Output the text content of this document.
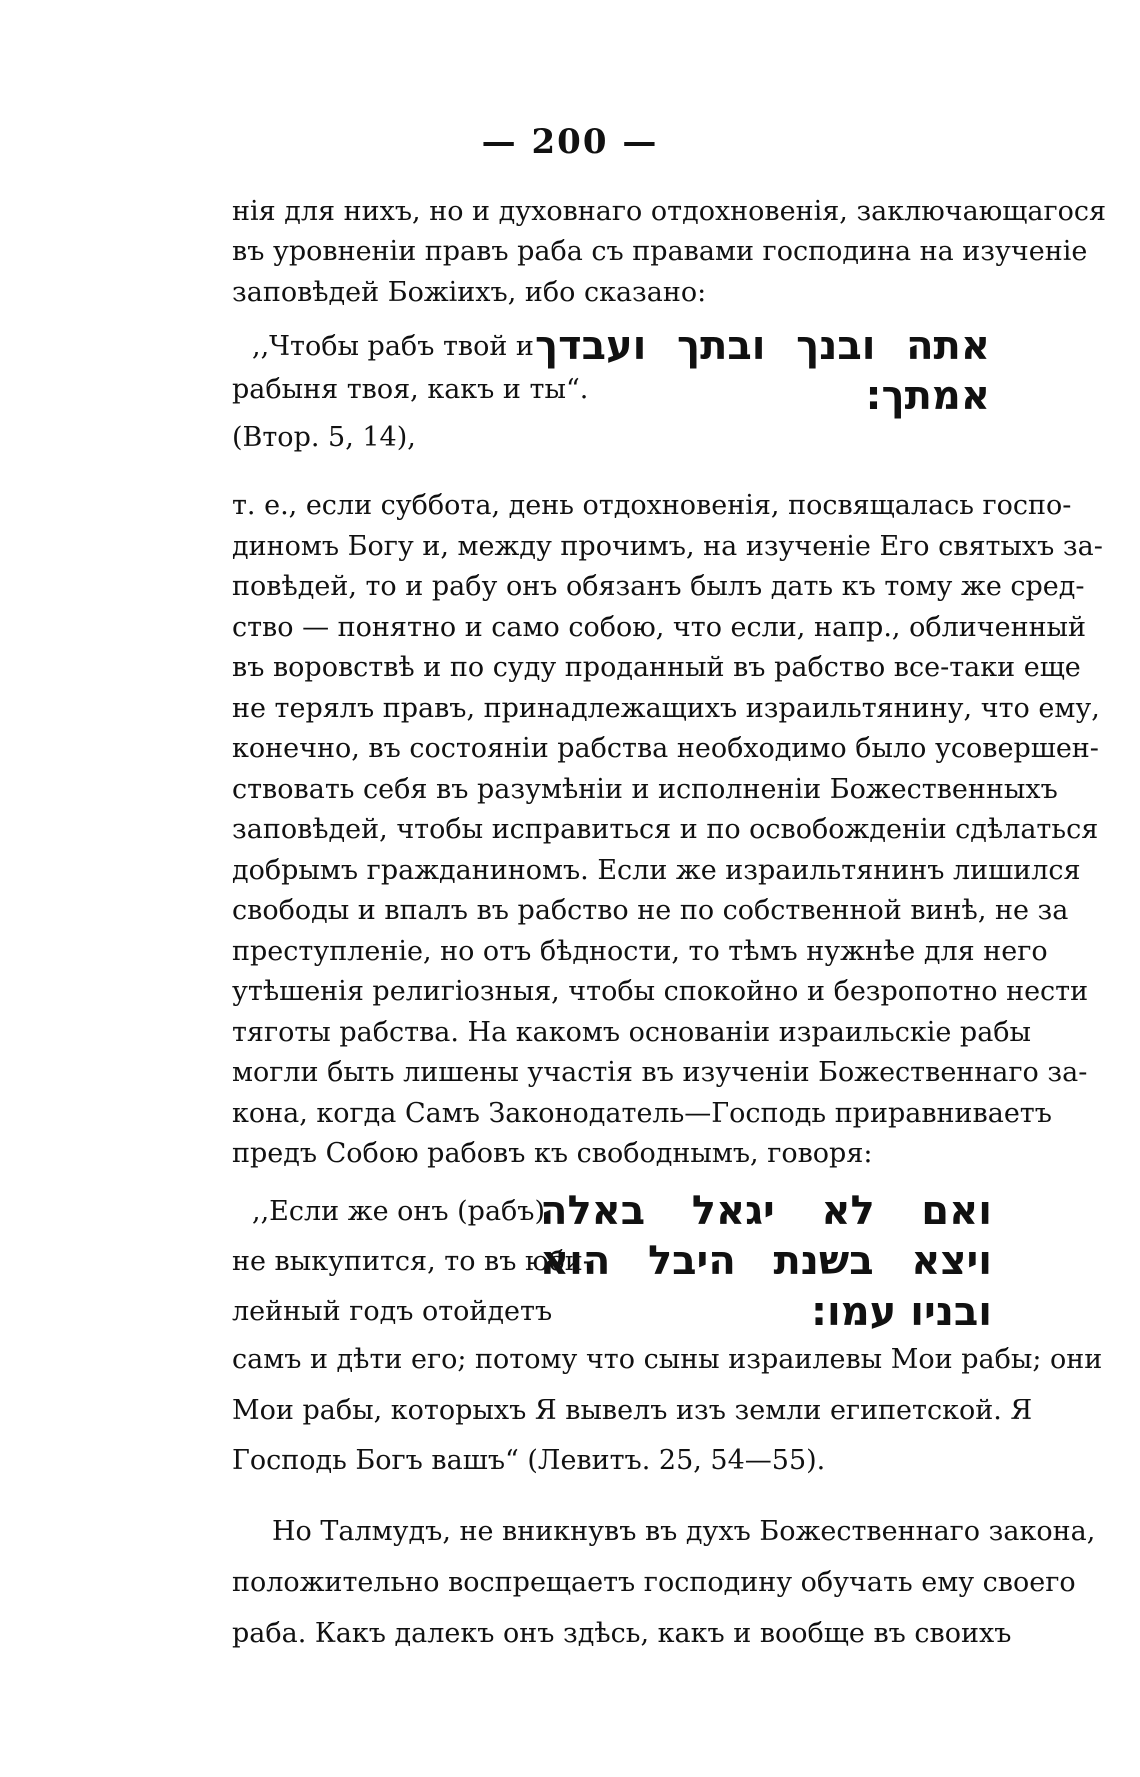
— 200 —
нія для нихъ, но и духовнаго отдохновенія, заключающагося
въ уровненіи правъ раба съ правами господина на изученіе
заповѣдей Божіихъ, ибо сказано:
,,Чтобы рабъ твой и
рабыня твоя, какъ и ты“.
(Втор. 5, 14),
אתה ובנך ובתך ועבדך
אמתך:
т. е., если суббота, день отдохновенія, посвящалась госпо-
диномъ Богу и, между прочимъ, на изученіе Его святыхъ за-
повѣдей, то и рабу онъ обязанъ былъ дать къ тому же сред-
ство — понятно и само собою, что если, напр., обличенный
въ воровствѣ и по суду проданный въ рабство все-таки еще
не терялъ правъ, принадлежащихъ израильтянину, что ему,
конечно, въ состояніи рабства необходимо было усовершен-
ствовать себя въ разумѣніи и исполненіи Божественныхъ
заповѣдей, чтобы исправиться и по освобожденіи сдѣлаться
добрымъ гражданиномъ. Если же израильтянинъ лишился
свободы и впалъ въ рабство не по собственной винѣ, не за
преступленіе, но отъ бѣдности, то тѣмъ нужнѣе для него
утѣшенія религіозныя, чтобы спокойно и безропотно нести
тяготы рабства. На какомъ основаніи израильскіе рабы
могли быть лишены участія въ изученіи Божественнаго за-
кона, когда Самъ Законодатель—Господь приравниваетъ
предъ Собою рабовъ къ свободнымъ, говоря:
,,Если же онъ (рабъ)
не выкупится, то въ юби-
лейный годъ отойдетъ
ואם לא יגאל באלה
ויצא בשנת היבל הוא
ובניו עמו:
самъ и дѣти его; потому что сыны израилевы Мои рабы; они
Мои рабы, которыхъ Я вывелъ изъ земли египетской. Я
Господь Богъ вашъ“ (Левитъ. 25, 54—55).
Но Талмудъ, не вникнувъ въ духъ Божественнаго закона,
положительно воспрещаетъ господину обучать ему своего
раба. Какъ далекъ онъ здѣсь, какъ и вообще въ своихъ
